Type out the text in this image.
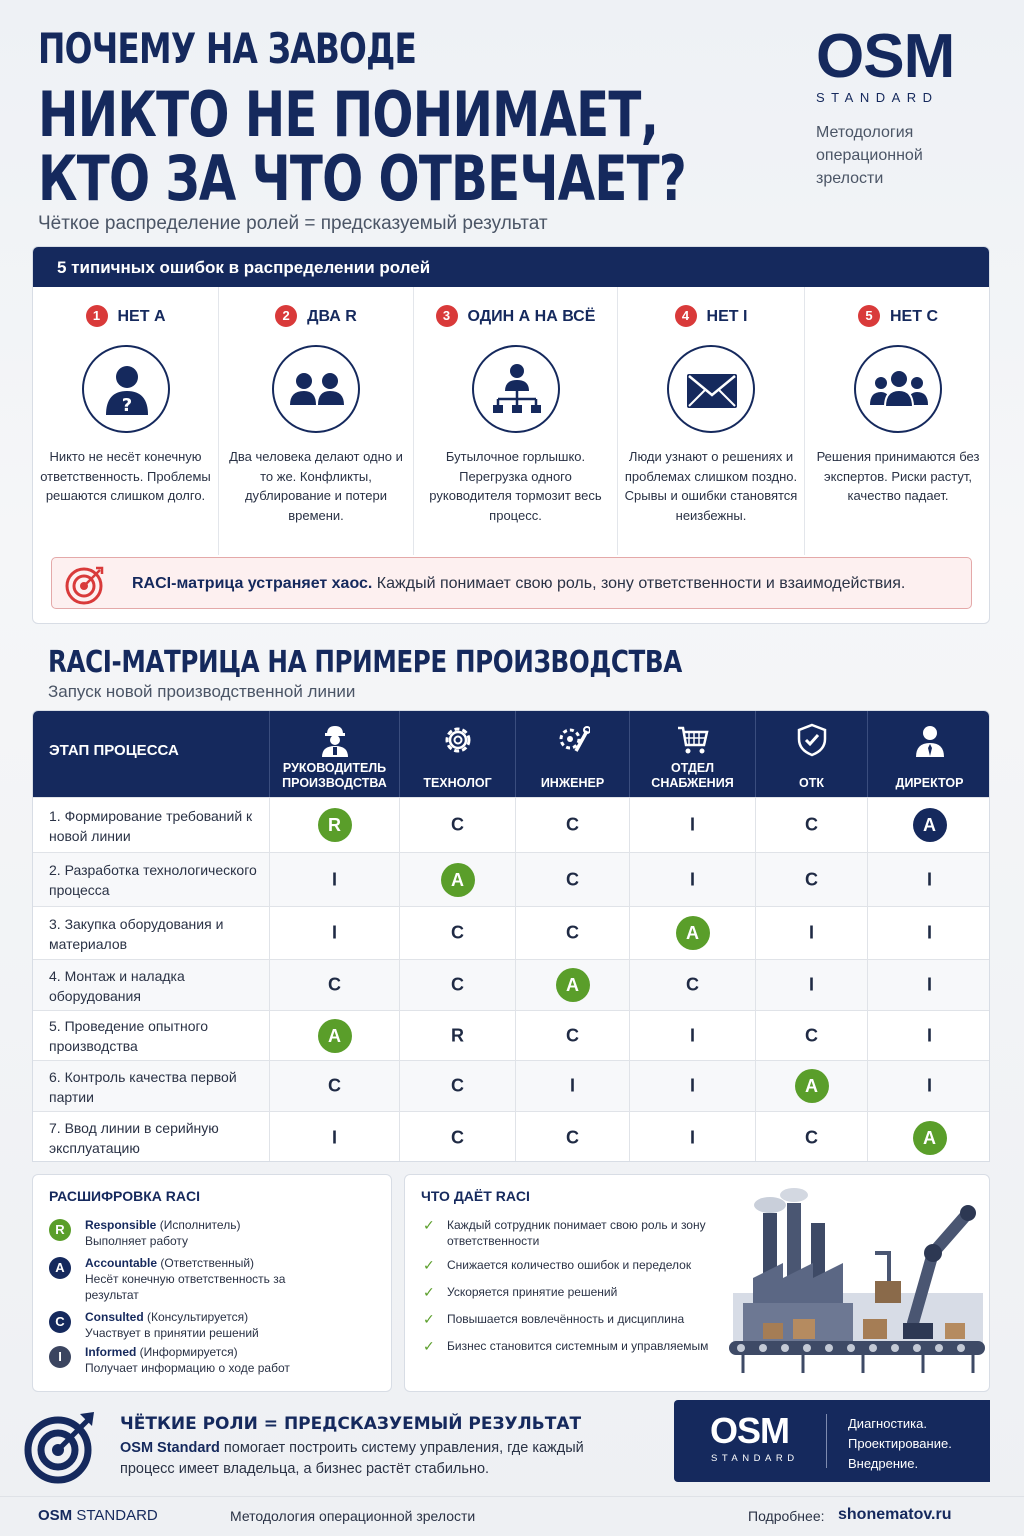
ПОЧЕМУ НА ЗАВОДЕ
НИКТО НЕ ПОНИМАЕТ,
КТО ЗА ЧТО ОТВЕЧАЕТ?
Чёткое распределение ролей = предсказуемый результат
OSM
STANDARD
Методология операционной зрелости
5 типичных ошибок в распределении ролей
1 НЕТ А
?
Никто не несёт конечную ответственность. Проблемы решаются слишком долго.
2 ДВА R
Два человека делают одно и то же. Конфликты, дублирование и потери времени.
3 ОДИН А НА ВСЁ
Бутылочное горлышко. Перегрузка одного руководителя тормозит весь процесс.
4 НЕТ I
Люди узнают о решениях и проблемах слишком поздно. Срывы и ошибки становятся неизбежны.
5 НЕТ С
Решения принимаются без экспертов. Риски растут, качество падает.
RACI-матрица устраняет хаос. Каждый понимает свою роль, зону ответственности и взаимодействия.
RACI-МАТРИЦА НА ПРИМЕРЕ ПРОИЗВОДСТВА
Запуск новой производственной линии
ЭТАП ПРОЦЕССА
РУКОВОДИТЕЛЬ ПРОИЗВОДСТВА	ТЕХНОЛОГ	ИНЖЕНЕР
ОТДЕЛ СНАБЖЕНИЯ	ОТК	ДИРЕКТОР
1. Формирование требований к новой линии
R	C	C	I	C	A
2. Разработка технологического процесса
I	A	C	I	C	I
3. Закупка оборудования и материалов
I	C	C	A	I	I
4. Монтаж и наладка оборудования
C	C	A	C	I	I
5. Проведение опытного производства
A	R	C	I	C	I
6. Контроль качества первой партии
C	C	I	I	A	I
7. Ввод линии в серийную эксплуатацию
I	C	C	I	C	A
РАСШИФРОВКА RACI
R	Responsible (Исполнитель)
Выполняет работу
A	Accountable (Ответственный)
Несёт конечную ответственность за результат
C	Consulted (Консультируется)
Участвует в принятии решений
I	Informed (Информируется)
Получает информацию о ходе работ
ЧТО ДАЁТ RACI
✓ Каждый сотрудник понимает свою роль и зону ответственности
✓ Снижается количество ошибок и переделок
✓ Ускоряется принятие решений
✓ Повышается вовлечённость и дисциплина
✓ Бизнес становится системным и управляемым
ЧЁТКИЕ РОЛИ = ПРЕДСКАЗУЕМЫЙ РЕЗУЛЬТАТ
OSM Standard помогает построить систему управления, где каждый процесс имеет владельца, а бизнес растёт стабильно.
OSM
STANDARD
Диагностика.
Проектирование.
Внедрение.
OSM STANDARD	Методология операционной зрелости	Подробнее: shonematov.ru
